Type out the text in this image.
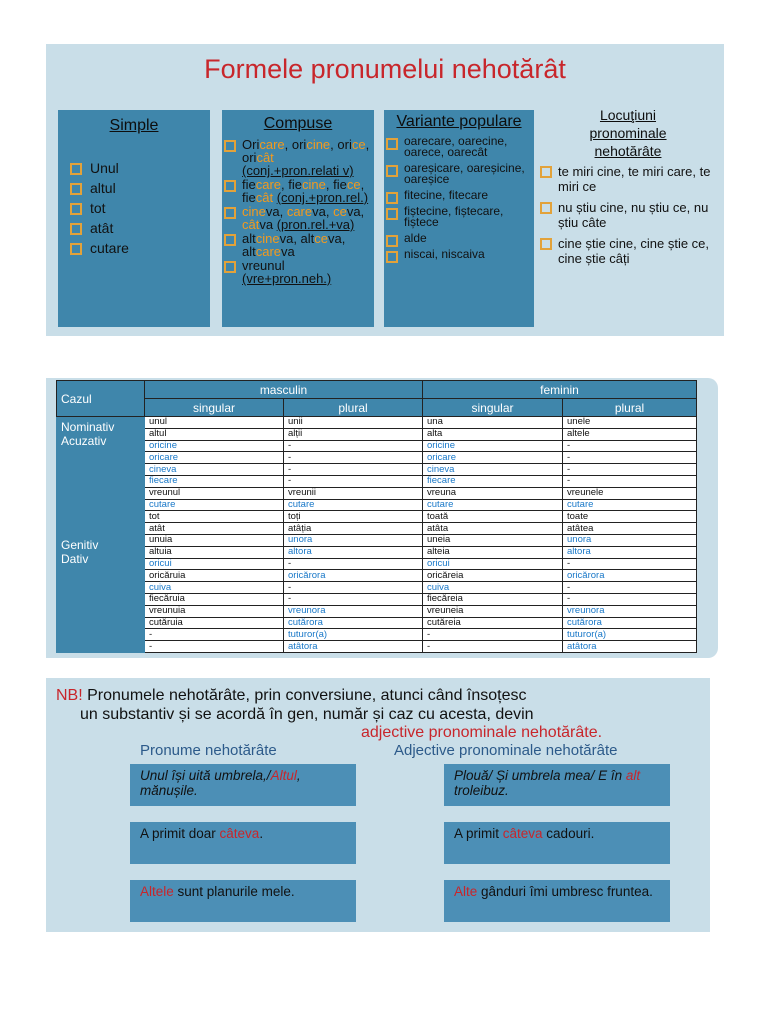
Formele pronumelui nehotărât
Simple
Unul
altul
tot
atât
cutare
Compuse
Oricare, oricine, orice, oricât (conj.+pron.relati v)
fiecare, fiecine, fiece, fiecât (conj.+pron.rel.)
cineva, careva, ceva, câtva (pron.rel.+va)
altcineva, altceva, altcareva
vreunul (vre+pron.neh.)
Variante populare
oarecare, oarecine, oarece, oarecât
oareșicare, oareșicine, oareșice
fitecine, fitecare
fiștecine, fiștecare, fiștece
alde
niscai, niscaiva
Locuţiuni
pronominale
nehotărâte
te miri cine, te miri care, te miri ce
nu știu cine, nu știu ce, nu știu câte
cine știe cine, cine știe ce, cine știe câți
Cazul	masculin		feminin	
	singular	plural	singular	plural
Nominativ
Acuzativ	unul	unii	una	unele
	altul	alții	alta	altele
	oricine	-	oricine	-
	oricare	-	oricare	-
	cineva	-	cineva	-
	fiecare	-	fiecare	-
	vreunul	vreunii	vreuna	vreunele
	cutare	cutare	cutare	cutare
	tot	toți	toată	toate
	atât	atâția	atâta	atâtea
Genitiv
Dativ	unuia	unora	uneia	unora
	altuia	altora	alteia	altora
	oricui	-	oricui	-
	oricăruia	oricărora	oricăreia	oricărora
	cuiva	-	cuiva	-
	fiecăruia	-	fiecăreia	-
	vreunuia	vreunora	vreuneia	vreunora
	cutăruia	cutărora	cutăreia	cutărora
	-	tuturor(a)	-	tuturor(a)
	-	atâtora	-	atâtora
NB! Pronumele nehotărâte, prin conversiune, atunci când însoțesc
un substantiv și se acordă în gen, număr și caz cu acesta, devin
adjective pronominale nehotărâte.
Pronume nehotărâte	Adjective pronominale nehotărâte
Unul își uită umbrela,/Altul, mănușile.
A primit doar câteva.
Altele sunt planurile mele.
Plouă/ Și umbrela mea/ E în alt troleibuz.
A primit câteva cadouri.
Alte gânduri îmi umbresc fruntea.
